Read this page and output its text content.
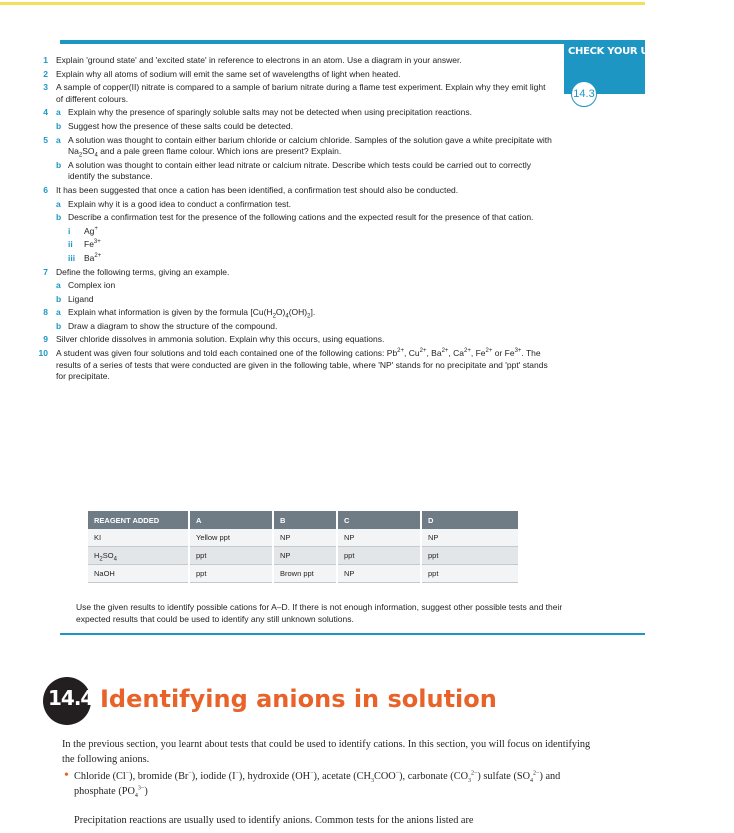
CHECK YOUR UNDERSTANDING
14.3
1 Explain 'ground state' and 'excited state' in reference to electrons in an atom. Use a diagram in your answer.
2 Explain why all atoms of sodium will emit the same set of wavelengths of light when heated.
3 A sample of copper(II) nitrate is compared to a sample of barium nitrate during a flame test experiment. Explain why they emit light of different colours.
4 a Explain why the presence of sparingly soluble salts may not be detected when using precipitation reactions.
b Suggest how the presence of these salts could be detected.
5 a A solution was thought to contain either barium chloride or calcium chloride. Samples of the solution gave a white precipitate with $Na_2SO_4$ and a pale green flame colour. Which ions are present? Explain.
b A solution was thought to contain either lead nitrate or calcium nitrate. Describe which tests could be carried out to correctly identify the substance.
6 It has been suggested that once a cation has been identified, a confirmation test should also be conducted.
a Explain why it is a good idea to conduct a confirmation test.
b Describe a confirmation test for the presence of the following cations and the expected result for the presence of that cation.
i	Ag+
ii	$Fe^{3+}$
iii	$Ba^{2+}$
7 Define the following terms, giving an example.
a Complex ion
b Ligand
8 a Explain what information is given by the formula $[Cu(H_2O)_4(OH)_2]$.
b Draw a diagram to show the structure of the compound.
9 Silver chloride dissolves in ammonia solution. Explain why this occurs, using equations.
10 A student was given four solutions and told each contained one of the following cations: $Pb^{2+}$, $Cu^{2+}$, $Ba^{2+}$, $Ca^{2+}$, $Fe^{2+}$ or $Fe^{3+}$. The results of a series of tests that were conducted are given in the following table, where 'NP' stands for no precipitate and 'ppt' stands for precipitate.
REAGENT ADDED	A	B	C	D
KI	Yellow ppt	NP	NP	NP
$H_2SO_4$	ppt	NP	ppt	ppt
NaOH	ppt	Brown ppt	NP	ppt
Use the given results to identify possible cations for A–D. If there is not enough information, suggest other possible tests and their expected results that could be used to identify any still unknown solutions.
14.4 Identifying anions in solution
In the previous section, you learnt about tests that could be used to identify cations. In this section, you will focus on identifying the following anions.
• Chloride (Cl−), bromide (Br−), iodide (I−), hydroxide (OH−), acetate $(CH_3COO^-)$, carbonate $(CO_3^{2-})$ sulfate $(SO_4^{2-})$ and phosphate $(PO_4^{3-})$
Precipitation reactions are usually used to identify anions. Common tests for the anions listed are
